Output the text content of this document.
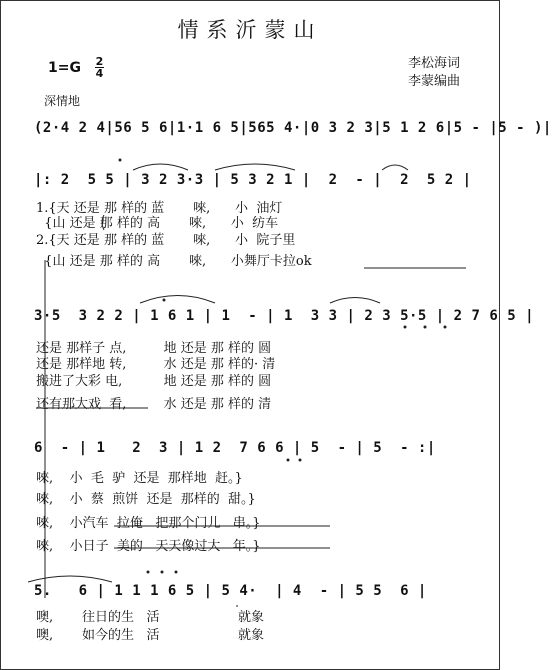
情系沂蒙山
1=G 2
4
李松海词
李蒙编曲
深情地
(2·4 2 4|56 5 6|1·1 6 5|565 4·|0 3 2 3|5 1 2 6|5 - |5 - )|
|: 2  5 5 | 3 2 3·3 | 5 3 2 1 |  2  - |  2  5 2 |
1.{天 还是 那 样的 蓝       唻,      小  油灯
{山 还是 那 样的 高       唻,      小  纺车
2.{天 还是 那 样的 蓝       唻,      小  院子里
{山 还是 那 样的 高       唻,      小舞厅卡拉ok
3·5  3 2 2 | 1 6 1 | 1  - | 1  3 3 | 2 3 5·5 | 2 7 6 5 |
还是 那样子 点,         地 还是 那 样的 圆
还是 那样地 转,         水 还是 那 样的· 清
搬进了大彩 电,          地 还是 那 样的 圆
还有那大戏  看,         水 还是 那 样的 清
6  - | 1   2  3 | 1 2  7 6 6 | 5  - | 5  - :|
唻,    小  毛  驴  还是  那样地  赶。}
唻,    小  蔡  煎饼  还是  那样的  甜。}
唻,    小汽车  拉俺   把那个门儿   串。}
唻,    小日子  美的   天天像过大   年。}
5.   6 | 1 1 1 6 5 | 5 4·  | 4  - | 5 5  6 |
噢,       往日的生   活                   就象
噢,       如今的生   活                   就象
